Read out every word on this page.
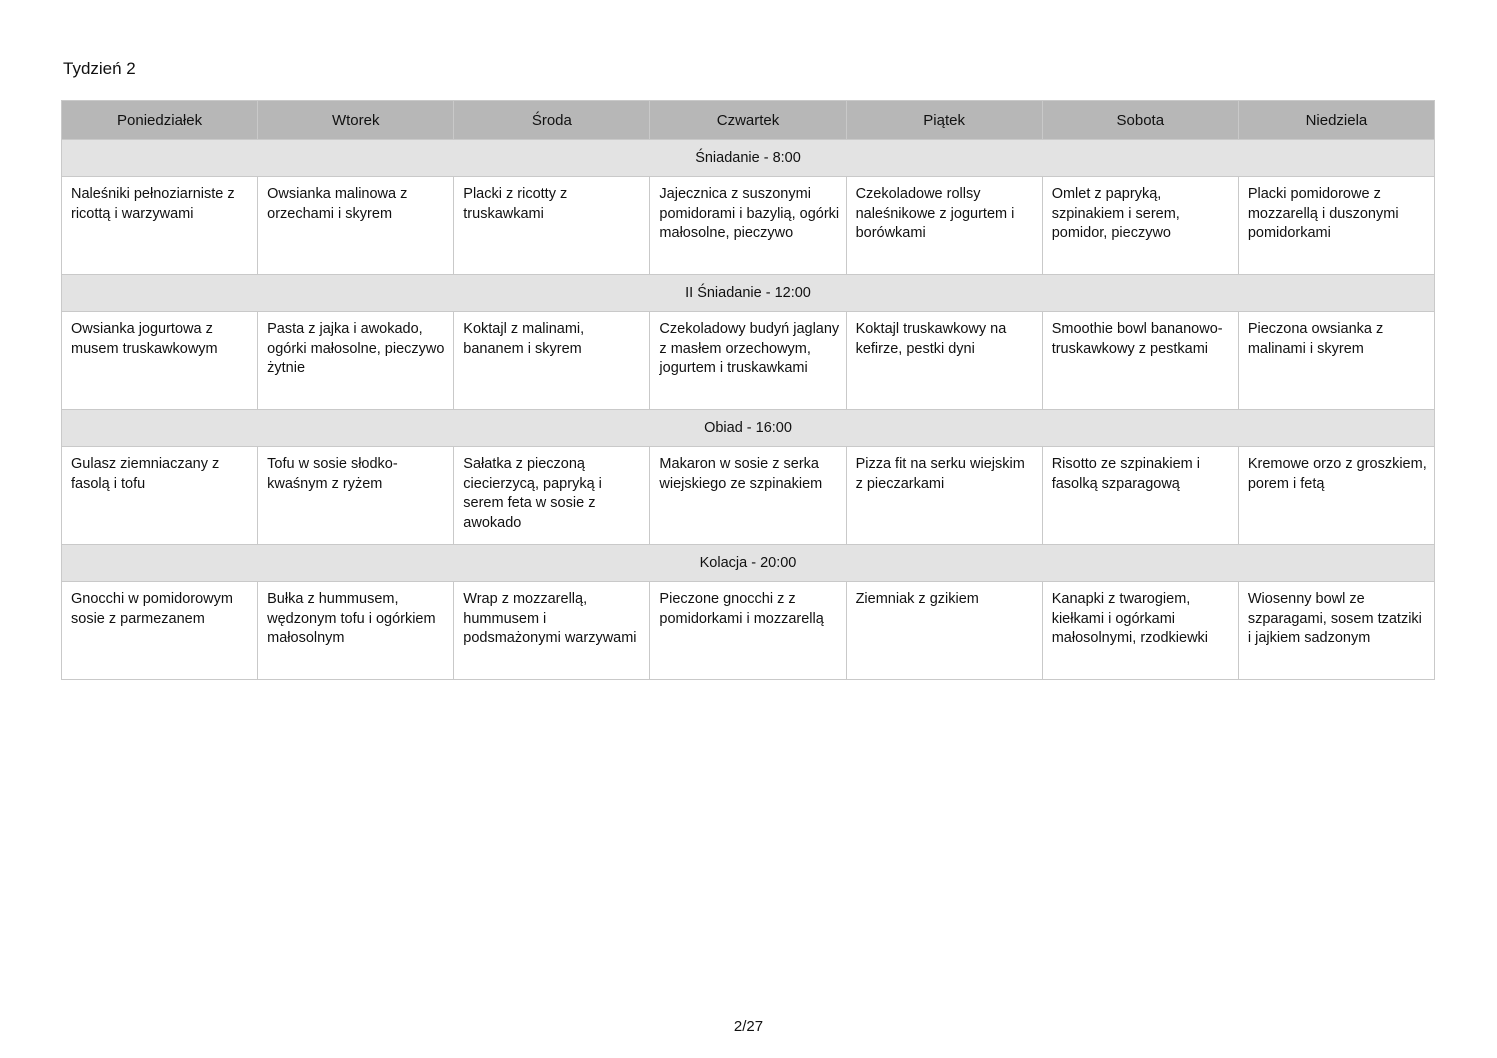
Tydzień 2
Poniedziałek	Wtorek	Środa	Czwartek	Piątek	Sobota	Niedziela
Śniadanie - 8:00						
Naleśniki pełnoziarniste z ricottą i warzywami	Owsianka malinowa z orzechami i skyrem	Placki z ricotty z truskawkami	Jajecznica z suszonymi pomidorami i bazylią, ogórki małosolne, pieczywo	Czekoladowe rollsy naleśnikowe z jogurtem i borówkami	Omlet z papryką, szpinakiem i serem, pomidor, pieczywo	Placki pomidorowe z mozzarellą i duszonymi pomidorkami
II Śniadanie - 12:00						
Owsianka jogurtowa z musem truskawkowym	Pasta z jajka i awokado, ogórki małosolne, pieczywo żytnie	Koktajl z malinami, bananem i skyrem	Czekoladowy budyń jaglany z masłem orzechowym, jogurtem i truskawkami	Koktajl truskawkowy na kefirze, pestki dyni	Smoothie bowl bananowo- truskawkowy z pestkami	Pieczona owsianka z malinami i skyrem
Obiad - 16:00						
Gulasz ziemniaczany z fasolą i tofu	Tofu w sosie słodko-kwaśnym z ryżem	Sałatka z pieczoną ciecierzycą, papryką i serem feta w sosie z awokado	Makaron w sosie z serka wiejskiego ze szpinakiem	Pizza fit na serku wiejskim z pieczarkami	Risotto ze szpinakiem i fasolką szparagową	Kremowe orzo z groszkiem, porem i fetą
Kolacja - 20:00						
Gnocchi w pomidorowym sosie z parmezanem	Bułka z hummusem, wędzonym tofu i ogórkiem małosolnym	Wrap z mozzarellą, hummusem i podsmażonymi warzywami	Pieczone gnocchi z z pomidorkami i mozzarellą	Ziemniak z gzikiem	Kanapki z twarogiem, kiełkami i ogórkami małosolnymi, rzodkiewki	Wiosenny bowl ze szparagami, sosem tzatziki i jajkiem sadzonym
2/27
